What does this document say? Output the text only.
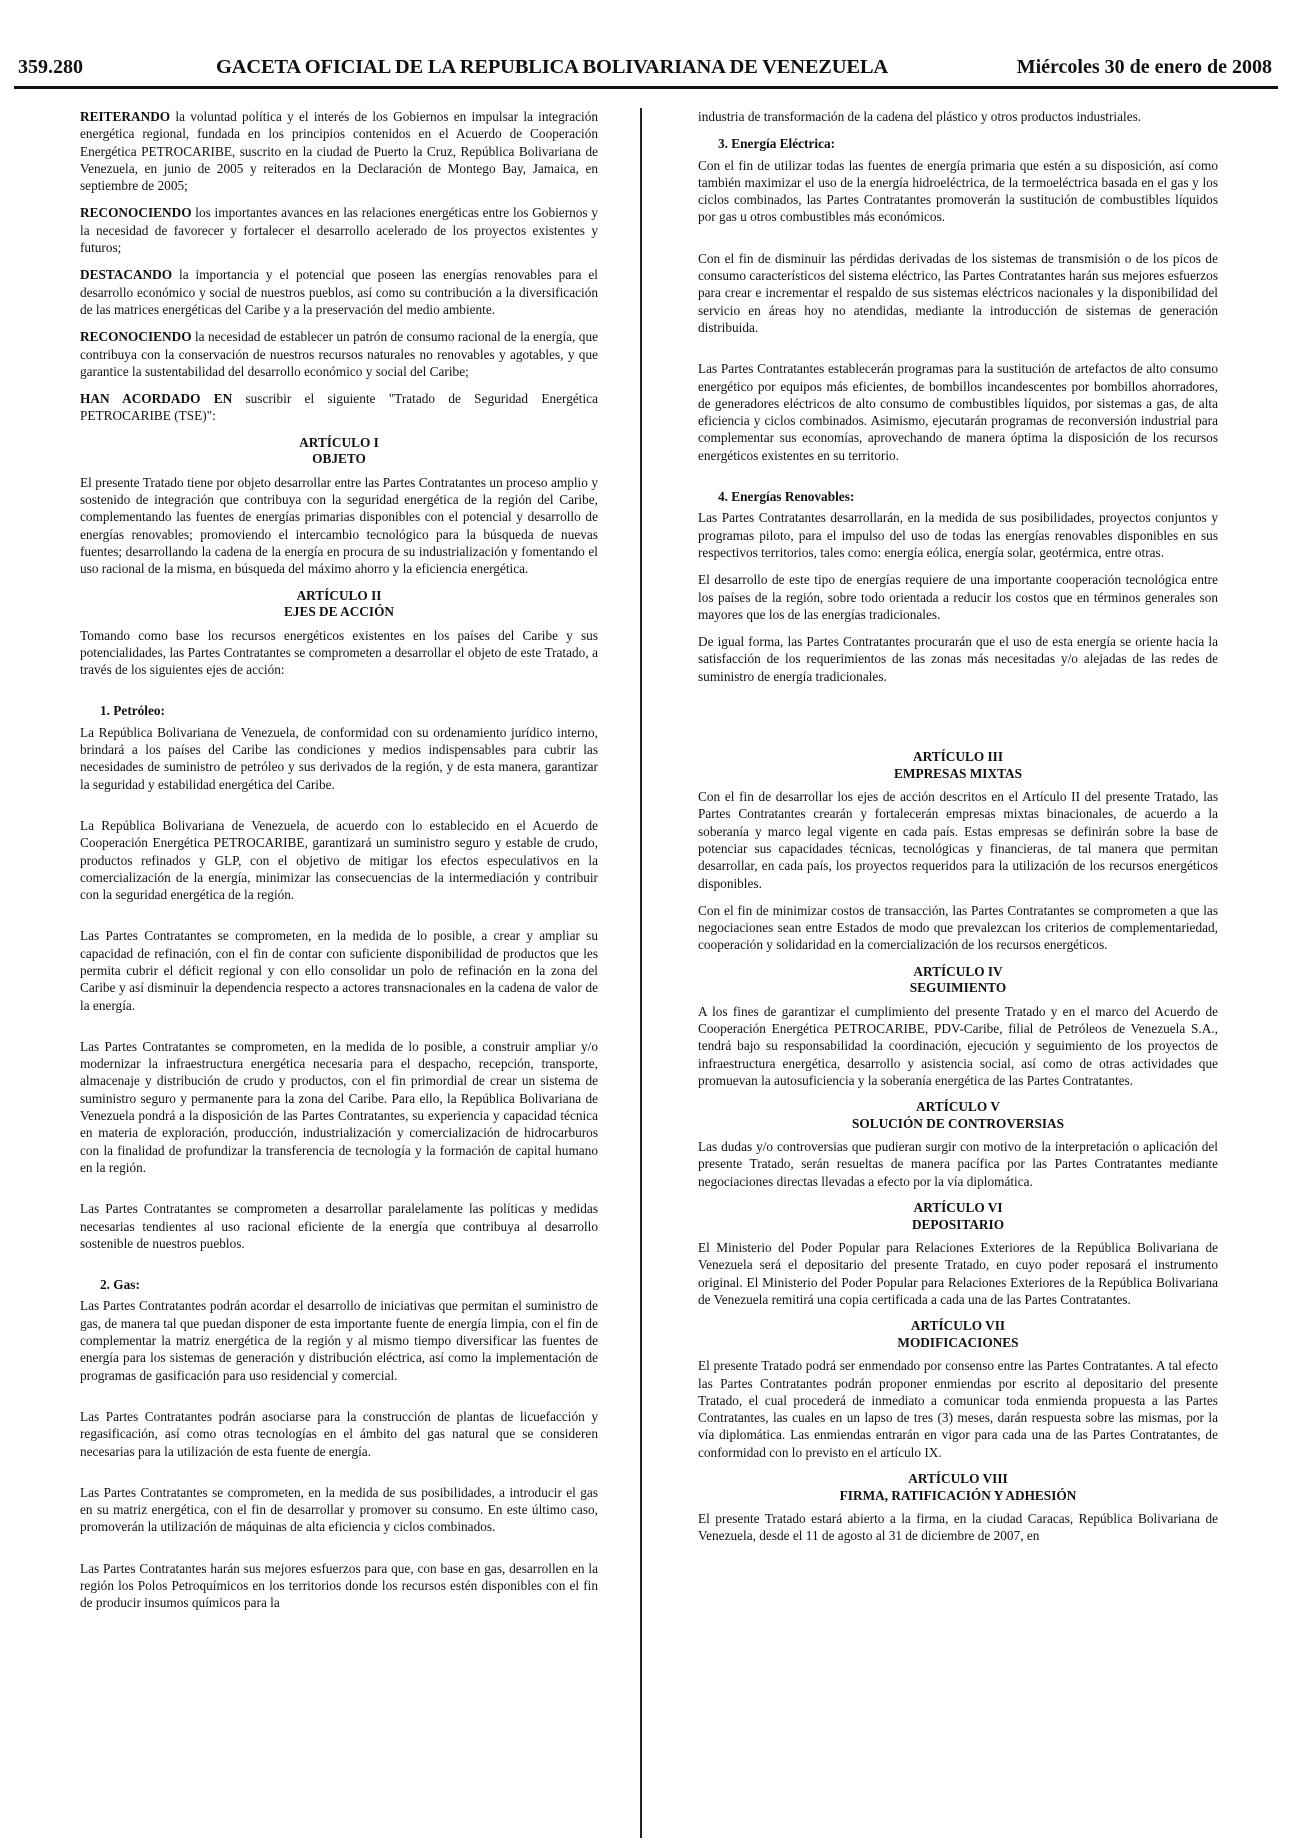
359.280	GACETA OFICIAL DE LA REPUBLICA BOLIVARIANA DE VENEZUELA	Miércoles 30 de enero de 2008

REITERANDO la voluntad política y el interés de los Gobiernos en impulsar la integración energética regional, fundada en los principios contenidos en el Acuerdo de Cooperación Energética PETROCARIBE, suscrito en la ciudad de Puerto la Cruz, República Bolivariana de Venezuela, en junio de 2005 y reiterados en la Declaración de Montego Bay, Jamaica, en septiembre de 2005;

RECONOCIENDO los importantes avances en las relaciones energéticas entre los Gobiernos y la necesidad de favorecer y fortalecer el desarrollo acelerado de los proyectos existentes y futuros;

DESTACANDO la importancia y el potencial que poseen las energías renovables para el desarrollo económico y social de nuestros pueblos, así como su contribución a la diversificación de las matrices energéticas del Caribe y a la preservación del medio ambiente.

RECONOCIENDO la necesidad de establecer un patrón de consumo racional de la energía, que contribuya con la conservación de nuestros recursos naturales no renovables y agotables, y que garantice la sustentabilidad del desarrollo económico y social del Caribe;

HAN ACORDADO EN suscribir el siguiente "Tratado de Seguridad Energética PETROCARIBE (TSE)":

ARTÍCULO I
OBJETO

El presente Tratado tiene por objeto desarrollar entre las Partes Contratantes un proceso amplio y sostenido de integración que contribuya con la seguridad energética de la región del Caribe, complementando las fuentes de energías primarias disponibles con el potencial y desarrollo de energías renovables; promoviendo el intercambio tecnológico para la búsqueda de nuevas fuentes; desarrollando la cadena de la energía en procura de su industrialización y fomentando el uso racional de la misma, en búsqueda del máximo ahorro y la eficiencia energética.

ARTÍCULO II
EJES DE ACCIÓN

Tomando como base los recursos energéticos existentes en los países del Caribe y sus potencialidades, las Partes Contratantes se comprometen a desarrollar el objeto de este Tratado, a través de los siguientes ejes de acción:

1. Petróleo:

La República Bolivariana de Venezuela, de conformidad con su ordenamiento jurídico interno, brindará a los países del Caribe las condiciones y medios indispensables para cubrir las necesidades de suministro de petróleo y sus derivados de la región, y de esta manera, garantizar la seguridad y estabilidad energética del Caribe.

La República Bolivariana de Venezuela, de acuerdo con lo establecido en el Acuerdo de Cooperación Energética PETROCARIBE, garantizará un suministro seguro y estable de crudo, productos refinados y GLP, con el objetivo de mitigar los efectos especulativos en la comercialización de la energía, minimizar las consecuencias de la intermediación y contribuir con la seguridad energética de la región.

Las Partes Contratantes se comprometen, en la medida de lo posible, a crear y ampliar su capacidad de refinación, con el fin de contar con suficiente disponibilidad de productos que les permita cubrir el déficit regional y con ello consolidar un polo de refinación en la zona del Caribe y así disminuir la dependencia respecto a actores transnacionales en la cadena de valor de la energía.

Las Partes Contratantes se comprometen, en la medida de lo posible, a construir ampliar y/o modernizar la infraestructura energética necesaria para el despacho, recepción, transporte, almacenaje y distribución de crudo y productos, con el fin primordial de crear un sistema de suministro seguro y permanente para la zona del Caribe. Para ello, la República Bolivariana de Venezuela pondrá a la disposición de las Partes Contratantes, su experiencia y capacidad técnica en materia de exploración, producción, industrialización y comercialización de hidrocarburos con la finalidad de profundizar la transferencia de tecnología y la formación de capital humano en la región.

Las Partes Contratantes se comprometen a desarrollar paralelamente las políticas y medidas necesarias tendientes al uso racional eficiente de la energía que contribuya al desarrollo sostenible de nuestros pueblos.

2. Gas:

Las Partes Contratantes podrán acordar el desarrollo de iniciativas que permitan el suministro de gas, de manera tal que puedan disponer de esta importante fuente de energía limpia, con el fin de complementar la matriz energética de la región y al mismo tiempo diversificar las fuentes de energía para los sistemas de generación y distribución eléctrica, así como la implementación de programas de gasificación para uso residencial y comercial.

Las Partes Contratantes podrán asociarse para la construcción de plantas de licuefacción y regasificación, así como otras tecnologías en el ámbito del gas natural que se consideren necesarias para la utilización de esta fuente de energía.

Las Partes Contratantes se comprometen, en la medida de sus posibilidades, a introducir el gas en su matriz energética, con el fin de desarrollar y promover su consumo. En este último caso, promoverán la utilización de máquinas de alta eficiencia y ciclos combinados.

Las Partes Contratantes harán sus mejores esfuerzos para que, con base en gas, desarrollen en la región los Polos Petroquímicos en los territorios donde los recursos estén disponibles con el fin de producir insumos químicos para la

industria de transformación de la cadena del plástico y otros productos industriales.

3. Energía Eléctrica:

Con el fin de utilizar todas las fuentes de energía primaria que estén a su disposición, así como también maximizar el uso de la energía hidroeléctrica, de la termoeléctrica basada en el gas y los ciclos combinados, las Partes Contratantes promoverán la sustitución de combustibles líquidos por gas u otros combustibles más económicos.

Con el fin de disminuir las pérdidas derivadas de los sistemas de transmisión o de los picos de consumo característicos del sistema eléctrico, las Partes Contratantes harán sus mejores esfuerzos para crear e incrementar el respaldo de sus sistemas eléctricos nacionales y la disponibilidad del servicio en áreas hoy no atendidas, mediante la introducción de sistemas de generación distribuida.

Las Partes Contratantes establecerán programas para la sustitución de artefactos de alto consumo energético por equipos más eficientes, de bombillos incandescentes por bombillos ahorradores, de generadores eléctricos de alto consumo de combustibles líquidos, por sistemas a gas, de alta eficiencia y ciclos combinados. Asimismo, ejecutarán programas de reconversión industrial para complementar sus economías, aprovechando de manera óptima la disposición de los recursos energéticos existentes en su territorio.

4. Energías Renovables:

Las Partes Contratantes desarrollarán, en la medida de sus posibilidades, proyectos conjuntos y programas piloto, para el impulso del uso de todas las energías renovables disponibles en sus respectivos territorios, tales como: energía eólica, energía solar, geotérmica, entre otras.

El desarrollo de este tipo de energías requiere de una importante cooperación tecnológica entre los países de la región, sobre todo orientada a reducir los costos que en términos generales son mayores que los de las energías tradicionales.

De igual forma, las Partes Contratantes procurarán que el uso de esta energía se oriente hacia la satisfacción de los requerimientos de las zonas más necesitadas y/o alejadas de las redes de suministro de energía tradicionales.

ARTÍCULO III
EMPRESAS MIXTAS

Con el fin de desarrollar los ejes de acción descritos en el Artículo II del presente Tratado, las Partes Contratantes crearán y fortalecerán empresas mixtas binacionales, de acuerdo a la soberanía y marco legal vigente en cada país. Estas empresas se definirán sobre la base de potenciar sus capacidades técnicas, tecnológicas y financieras, de tal manera que permitan desarrollar, en cada país, los proyectos requeridos para la utilización de los recursos energéticos disponibles.

Con el fin de minimizar costos de transacción, las Partes Contratantes se comprometen a que las negociaciones sean entre Estados de modo que prevalezcan los criterios de complementariedad, cooperación y solidaridad en la comercialización de los recursos energéticos.

ARTÍCULO IV
SEGUIMIENTO

A los fines de garantizar el cumplimiento del presente Tratado y en el marco del Acuerdo de Cooperación Energética PETROCARIBE, PDV-Caribe, filial de Petróleos de Venezuela S.A., tendrá bajo su responsabilidad la coordinación, ejecución y seguimiento de los proyectos de infraestructura energética, desarrollo y asistencia social, así como de otras actividades que promuevan la autosuficiencia y la soberanía energética de las Partes Contratantes.

ARTÍCULO V
SOLUCIÓN DE CONTROVERSIAS

Las dudas y/o controversias que pudieran surgir con motivo de la interpretación o aplicación del presente Tratado, serán resueltas de manera pacífica por las Partes Contratantes mediante negociaciones directas llevadas a efecto por la vía diplomática.

ARTÍCULO VI
DEPOSITARIO

El Ministerio del Poder Popular para Relaciones Exteriores de la República Bolivariana de Venezuela será el depositario del presente Tratado, en cuyo poder reposará el instrumento original. El Ministerio del Poder Popular para Relaciones Exteriores de la República Bolivariana de Venezuela remitirá una copia certificada a cada una de las Partes Contratantes.

ARTÍCULO VII
MODIFICACIONES

El presente Tratado podrá ser enmendado por consenso entre las Partes Contratantes. A tal efecto las Partes Contratantes podrán proponer enmiendas por escrito al depositario del presente Tratado, el cual procederá de inmediato a comunicar toda enmienda propuesta a las Partes Contratantes, las cuales en un lapso de tres (3) meses, darán respuesta sobre las mismas, por la vía diplomática. Las enmiendas entrarán en vigor para cada una de las Partes Contratantes, de conformidad con lo previsto en el artículo IX.

ARTÍCULO VIII
FIRMA, RATIFICACIÓN Y ADHESIÓN

El presente Tratado estará abierto a la firma, en la ciudad Caracas, República Bolivariana de Venezuela, desde el 11 de agosto al 31 de diciembre de 2007, en
